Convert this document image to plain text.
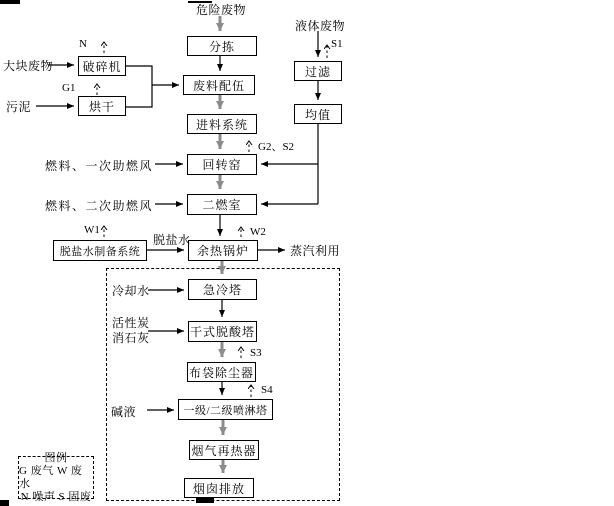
破碎机
烘干
分拣
废料配伍
进料系统
回转窑
二燃室
余热锅炉
脱盐水制备系统
过滤
均值
急冷塔
干式脱酸塔
布袋除尘器
一级/二级喷淋塔
烟气再热器
烟囱排放
危险废物
液体废物
大块废物
污泥
燃料、一次助燃风
燃料、二次助燃风
脱盐水
蒸汽利用
冷却水
活性炭
消石灰
碱液
N
G1
W1	W2
G2、S2
S1
S3
S4
图例
G 废气 W 废水
N 噪声 S 固废
